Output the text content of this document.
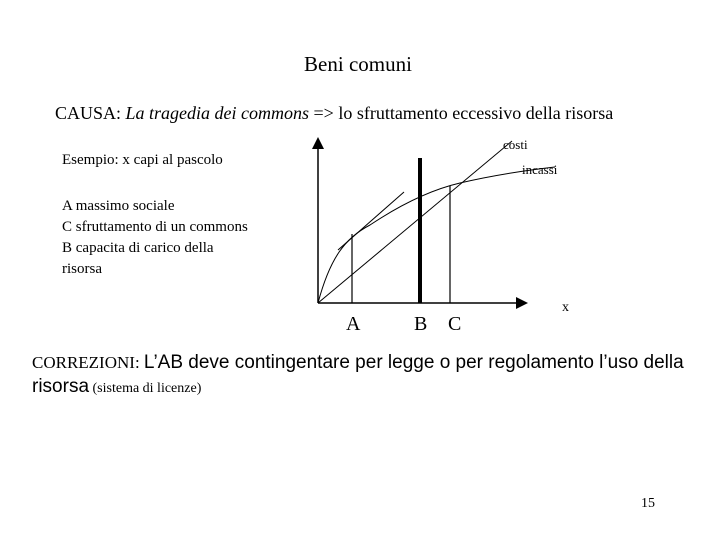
Beni comuni
CAUSA: La tragedia dei commons => lo sfruttamento eccessivo della risorsa
Esempio: x capi al pascolo
A massimo sociale
C sfruttamento di un commons
B capacita di carico della
risorsa
costi
incassi
A	B C
x
CORREZIONI: L’AB deve contingentare per legge o per regolamento l’uso della risorsa (sistema di licenze)
15
